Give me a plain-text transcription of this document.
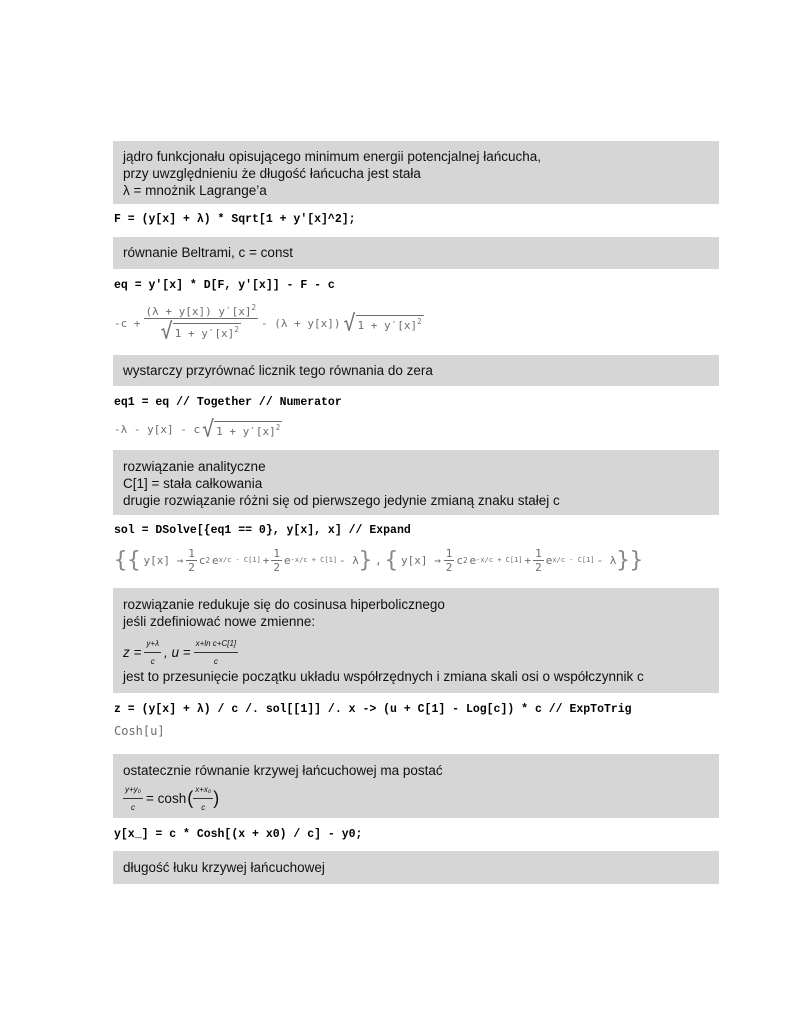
jądro funkcjonału opisującego minimum energii potencjalnej łańcucha,
przy uwzględnieniu że długość łańcucha jest stała
λ = mnożnik Lagrange’a
F = (y[x] + λ) * Sqrt[1 + y'[x]^2];
równanie Beltrami, c = const
eq = y'[x] * D[F, y'[x]] - F - c
$-c + \frac{(\lambda + y[x]) y'[x]^2}{√ 1 + y'[x]^2} - (\lambda + y[x])$ √ $1 + y'[x]^2$
wystarczy przyrównać licznik tego równania do zera
eq1 = eq // Together // Numerator
-λ - y[x] - c √ $1 + y'[x]^2$
rozwiązanie analityczne
C[1] = stała całkowania
drugie rozwiązanie różni się od pierwszego jedynie zmianą znaku stałej c
sol = DSolve[{eq1 == 0}, y[x], x] // Expand
{ { $y[x] \to \frac{1}{2}$ c 2 e $x/c - C[1] + \frac{1}{2}$ e -x/c + C[1] - λ } , { $y[x] \to \frac{1}{2}$ c 2 e $-x/c + C[1] + \frac{1}{2}$ e x/c - C[1] - λ } }
rozwiązanie redukuje się do cosinusa hiperbolicznego
jeśli zdefiniować nowe zmienne:
$z = \frac{y+\lambda}{c}$ , $u = \frac{\text{x+ln c+C[1]}}{c}$
jest to przesunięcie początku układu współrzędnych i zmiana skali osi o współczynnik c
z = (y[x] + λ) / c /. sol[[1]] /. x -> (u + C[1] - Log[c]) * c // ExpToTrig
Cosh[u]
ostatecznie równanie krzywej łańcuchowej ma postać
$\frac{\text{y+y₀}}{c} = \cosh$ ( $\frac{\text{x+x₀}}{c}$ )
y[x_] = c * Cosh[(x + x0) / c] - y0;
długość łuku krzywej łańcuchowej
